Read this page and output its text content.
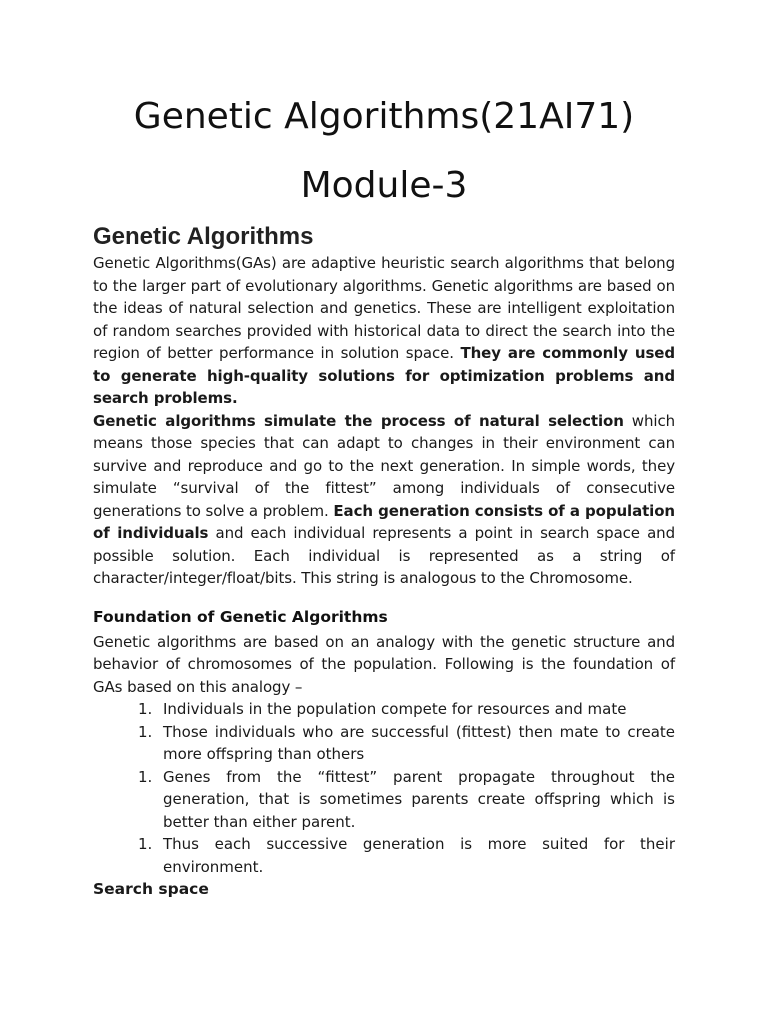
Genetic Algorithms(21AI71)
Module-3
Genetic Algorithms

Genetic Algorithms(GAs) are adaptive heuristic search algorithms that belong to the larger part of evolutionary algorithms. Genetic algorithms are based on the ideas of natural selection and genetics. These are intelligent exploitation of random searches provided with historical data to direct the search into the region of better performance in solution space. They are commonly used to generate high-quality solutions for optimization problems and search problems.

Genetic algorithms simulate the process of natural selection which means those species that can adapt to changes in their environment can survive and reproduce and go to the next generation. In simple words, they simulate “survival of the fittest” among individuals of consecutive generations to solve a problem. Each generation consists of a population of individuals and each individual represents a point in search space and possible solution. Each individual is represented as a string of character/integer/float/bits. This string is analogous to the Chromosome.

Foundation of Genetic Algorithms

Genetic algorithms are based on an analogy with the genetic structure and behavior of chromosomes of the population. Following is the foundation of GAs based on this analogy –

1. Individuals in the population compete for resources and mate
1. Those individuals who are successful (fittest) then mate to create more offspring than others
1. Genes from the “fittest” parent propagate throughout the generation, that is sometimes parents create offspring which is better than either parent.
1. Thus each successive generation is more suited for their environment.
Search space
